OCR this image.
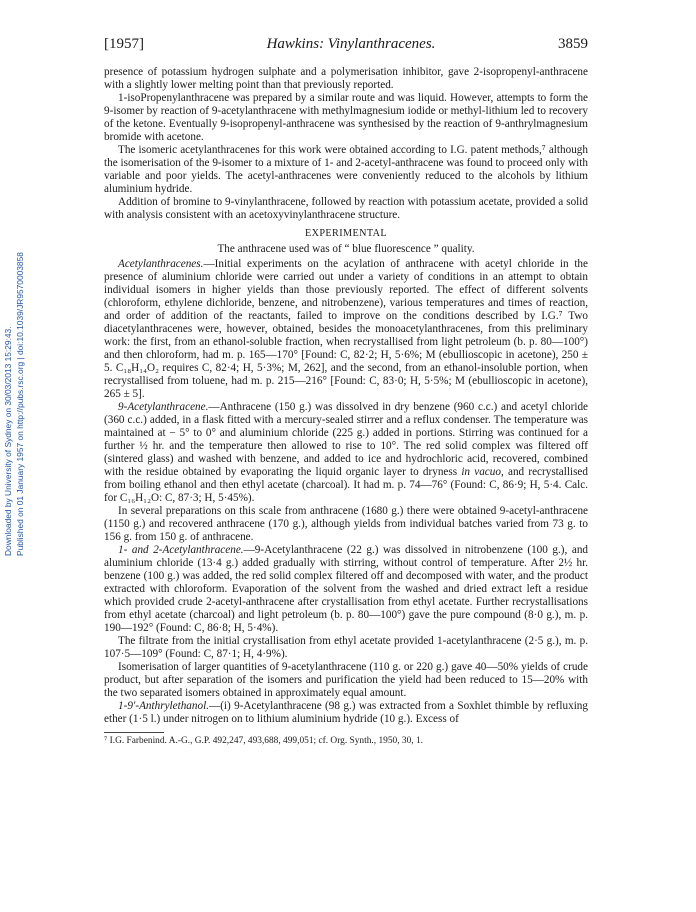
Downloaded by University of Sydney on 30/03/2013 15:29:43. Published on 01 January 1957 on http://pubs.rsc.org | doi:10.1039/JR9570003858
[1957]	Hawkins: Vinylanthracenes.	3859

presence of potassium hydrogen sulphate and a polymerisation inhibitor, gave 2-isopropenyl-anthracene with a slightly lower melting point than that previously reported.

1-isoPropenylanthracene was prepared by a similar route and was liquid. However, attempts to form the 9-isomer by reaction of 9-acetylanthracene with methylmagnesium iodide or methyl-lithium led to recovery of the ketone. Eventually 9-isopropenyl-anthracene was synthesised by the reaction of 9-anthrylmagnesium bromide with acetone.

The isomeric acetylanthracenes for this work were obtained according to I.G. patent methods,⁷ although the isomerisation of the 9-isomer to a mixture of 1- and 2-acetyl-anthracene was found to proceed only with variable and poor yields. The acetyl-anthracenes were conveniently reduced to the alcohols by lithium aluminium hydride.

Addition of bromine to 9-vinylanthracene, followed by reaction with potassium acetate, provided a solid with analysis consistent with an acetoxyvinylanthracene structure.

EXPERIMENTAL
The anthracene used was of “ blue fluorescence ” quality.

Acetylanthracenes.—Initial experiments on the acylation of anthracene with acetyl chloride in the presence of aluminium chloride were carried out under a variety of conditions in an attempt to obtain individual isomers in higher yields than those previously reported. The effect of different solvents (chloroform, ethylene dichloride, benzene, and nitrobenzene), various temperatures and times of reaction, and order of addition of the reactants, failed to improve on the conditions described by I.G.⁷ Two diacetylanthracenes were, however, obtained, besides the monoacetylanthracenes, from this preliminary work: the first, from an ethanol-soluble fraction, when recrystallised from light petroleum (b. p. 80—100°) and then chloroform, had m. p. 165—170° [Found: C, 82·2; H, 5·6%; M (ebullioscopic in acetone), 250 ± 5. C₁₈H₁₄O₂ requires C, 82·4; H, 5·3%; M, 262], and the second, from an ethanol-insoluble portion, when recrystallised from toluene, had m. p. 215—216° [Found: C, 83·0; H, 5·5%; M (ebullioscopic in acetone), 265 ± 5].

9-Acetylanthracene.—Anthracene (150 g.) was dissolved in dry benzene (960 c.c.) and acetyl chloride (360 c.c.) added, in a flask fitted with a mercury-sealed stirrer and a reflux condenser. The temperature was maintained at − 5° to 0° and aluminium chloride (225 g.) added in portions. Stirring was continued for a further ½ hr. and the temperature then allowed to rise to 10°. The red solid complex was filtered off (sintered glass) and washed with benzene, and added to ice and hydrochloric acid, recovered, combined with the residue obtained by evaporating the liquid organic layer to dryness in vacuo, and recrystallised from boiling ethanol and then ethyl acetate (charcoal). It had m. p. 74—76° (Found: C, 86·9; H, 5·4. Calc. for C₁₆H₁₂O: C, 87·3; H, 5·45%).

In several preparations on this scale from anthracene (1680 g.) there were obtained 9-acetyl-anthracene (1150 g.) and recovered anthracene (170 g.), although yields from individual batches varied from 73 g. to 156 g. from 150 g. of anthracene.

1- and 2-Acetylanthracene.—9-Acetylanthracene (22 g.) was dissolved in nitrobenzene (100 g.), and aluminium chloride (13·4 g.) added gradually with stirring, without control of temperature. After 2½ hr. benzene (100 g.) was added, the red solid complex filtered off and decomposed with water, and the product extracted with chloroform. Evaporation of the solvent from the washed and dried extract left a residue which provided crude 2-acetyl-anthracene after crystallisation from ethyl acetate. Further recrystallisations from ethyl acetate (charcoal) and light petroleum (b. p. 80—100°) gave the pure compound (8·0 g.), m. p. 190—192° (Found: C, 86·8; H, 5·4%).

The filtrate from the initial crystallisation from ethyl acetate provided 1-acetylanthracene (2·5 g.), m. p. 107·5—109° (Found: C, 87·1; H, 4·9%).

Isomerisation of larger quantities of 9-acetylanthracene (110 g. or 220 g.) gave 40—50% yields of crude product, but after separation of the isomers and purification the yield had been reduced to 15—20% with the two separated isomers obtained in approximately equal amount.

1-9′-Anthrylethanol.—(i) 9-Acetylanthracene (98 g.) was extracted from a Soxhlet thimble by refluxing ether (1·5 l.) under nitrogen on to lithium aluminium hydride (10 g.). Excess of

⁷ I.G. Farbenind. A.-G., G.P. 492,247, 493,688, 499,051; cf. Org. Synth., 1950, 30, 1.
